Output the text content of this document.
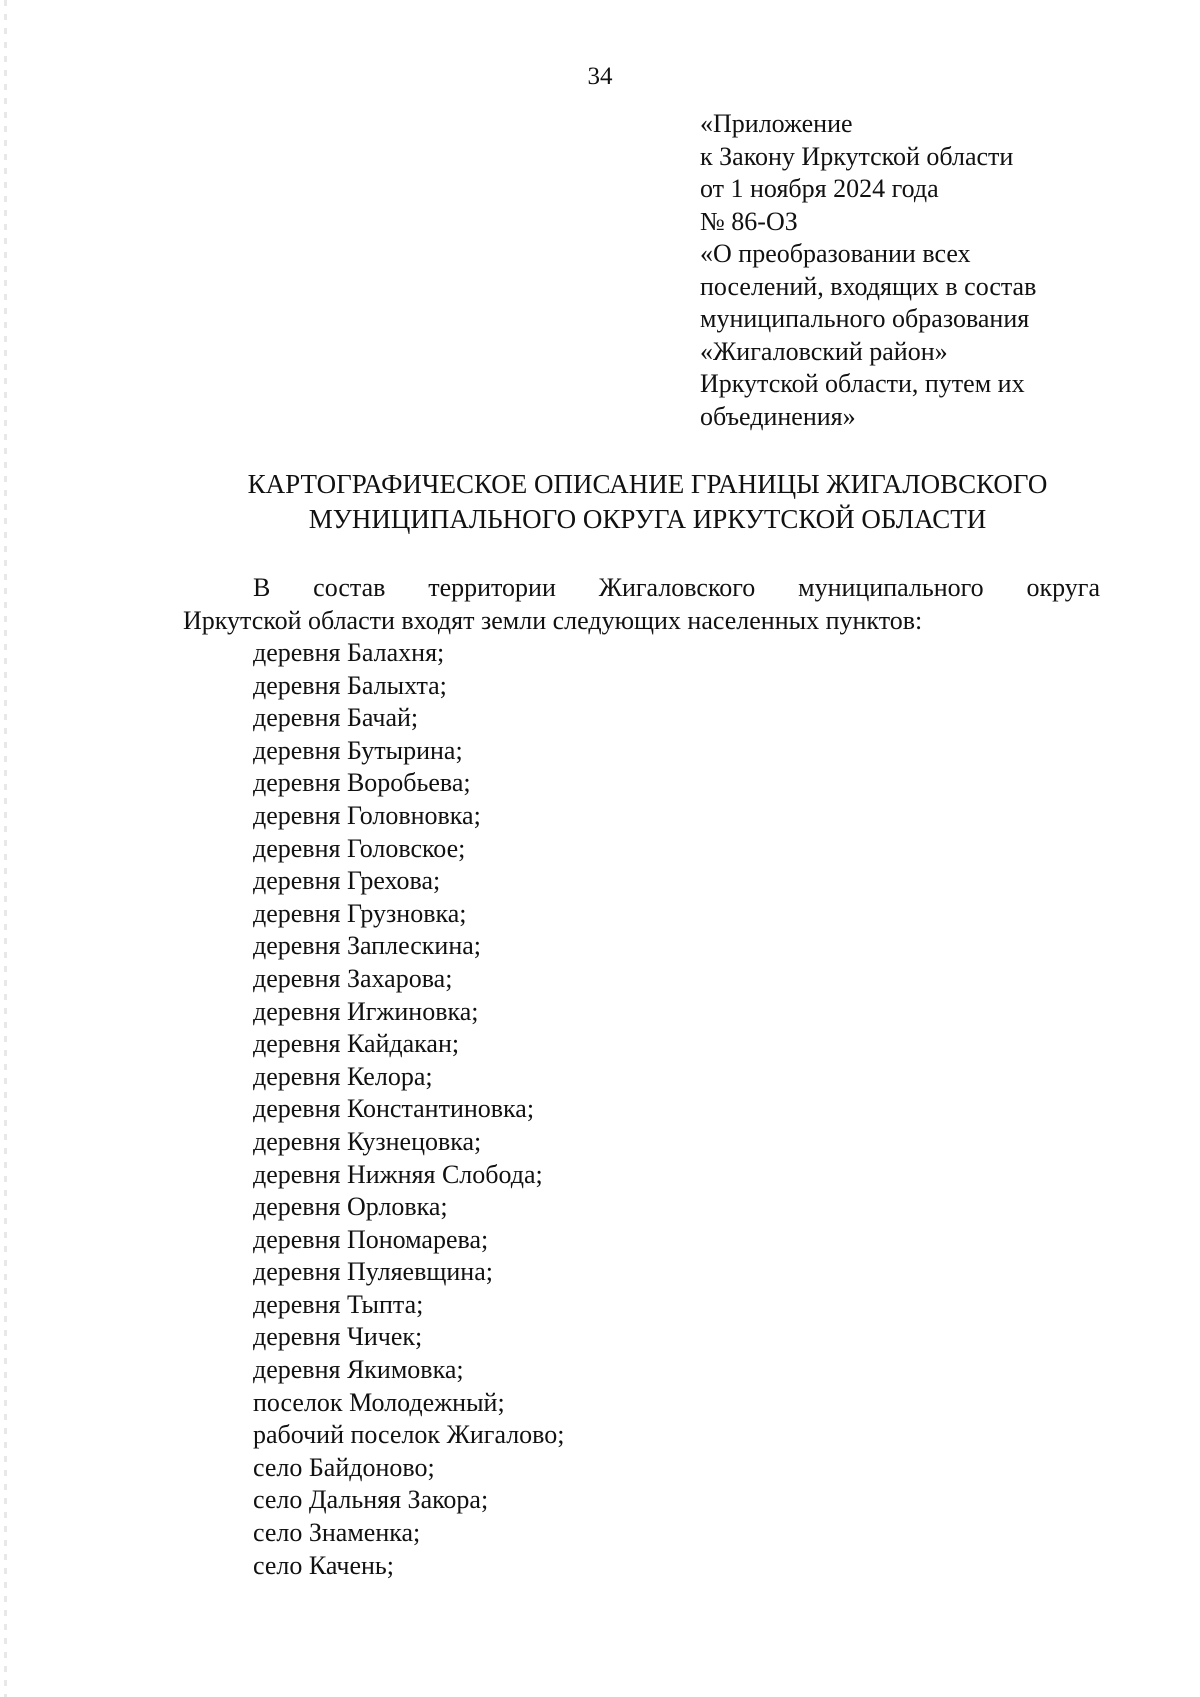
34
«Приложение
к Закону Иркутской области
от 1 ноября 2024 года
№ 86-ОЗ
«О преобразовании всех
поселений, входящих в состав
муниципального образования
«Жигаловский район»
Иркутской области, путем их
объединения»
КАРТОГРАФИЧЕСКОЕ ОПИСАНИЕ ГРАНИЦЫ ЖИГАЛОВСКОГО
МУНИЦИПАЛЬНОГО ОКРУГА ИРКУТСКОЙ ОБЛАСТИ
В состав территории Жигаловского муниципального округа
Иркутской области входят земли следующих населенных пунктов:
деревня Балахня;
деревня Балыхта;
деревня Бачай;
деревня Бутырина;
деревня Воробьева;
деревня Головновка;
деревня Головское;
деревня Грехова;
деревня Грузновка;
деревня Заплескина;
деревня Захарова;
деревня Игжиновка;
деревня Кайдакан;
деревня Келора;
деревня Константиновка;
деревня Кузнецовка;
деревня Нижняя Слобода;
деревня Орловка;
деревня Пономарева;
деревня Пуляевщина;
деревня Тыпта;
деревня Чичек;
деревня Якимовка;
поселок Молодежный;
рабочий поселок Жигалово;
село Байдоново;
село Дальняя Закора;
село Знаменка;
село Качень;
